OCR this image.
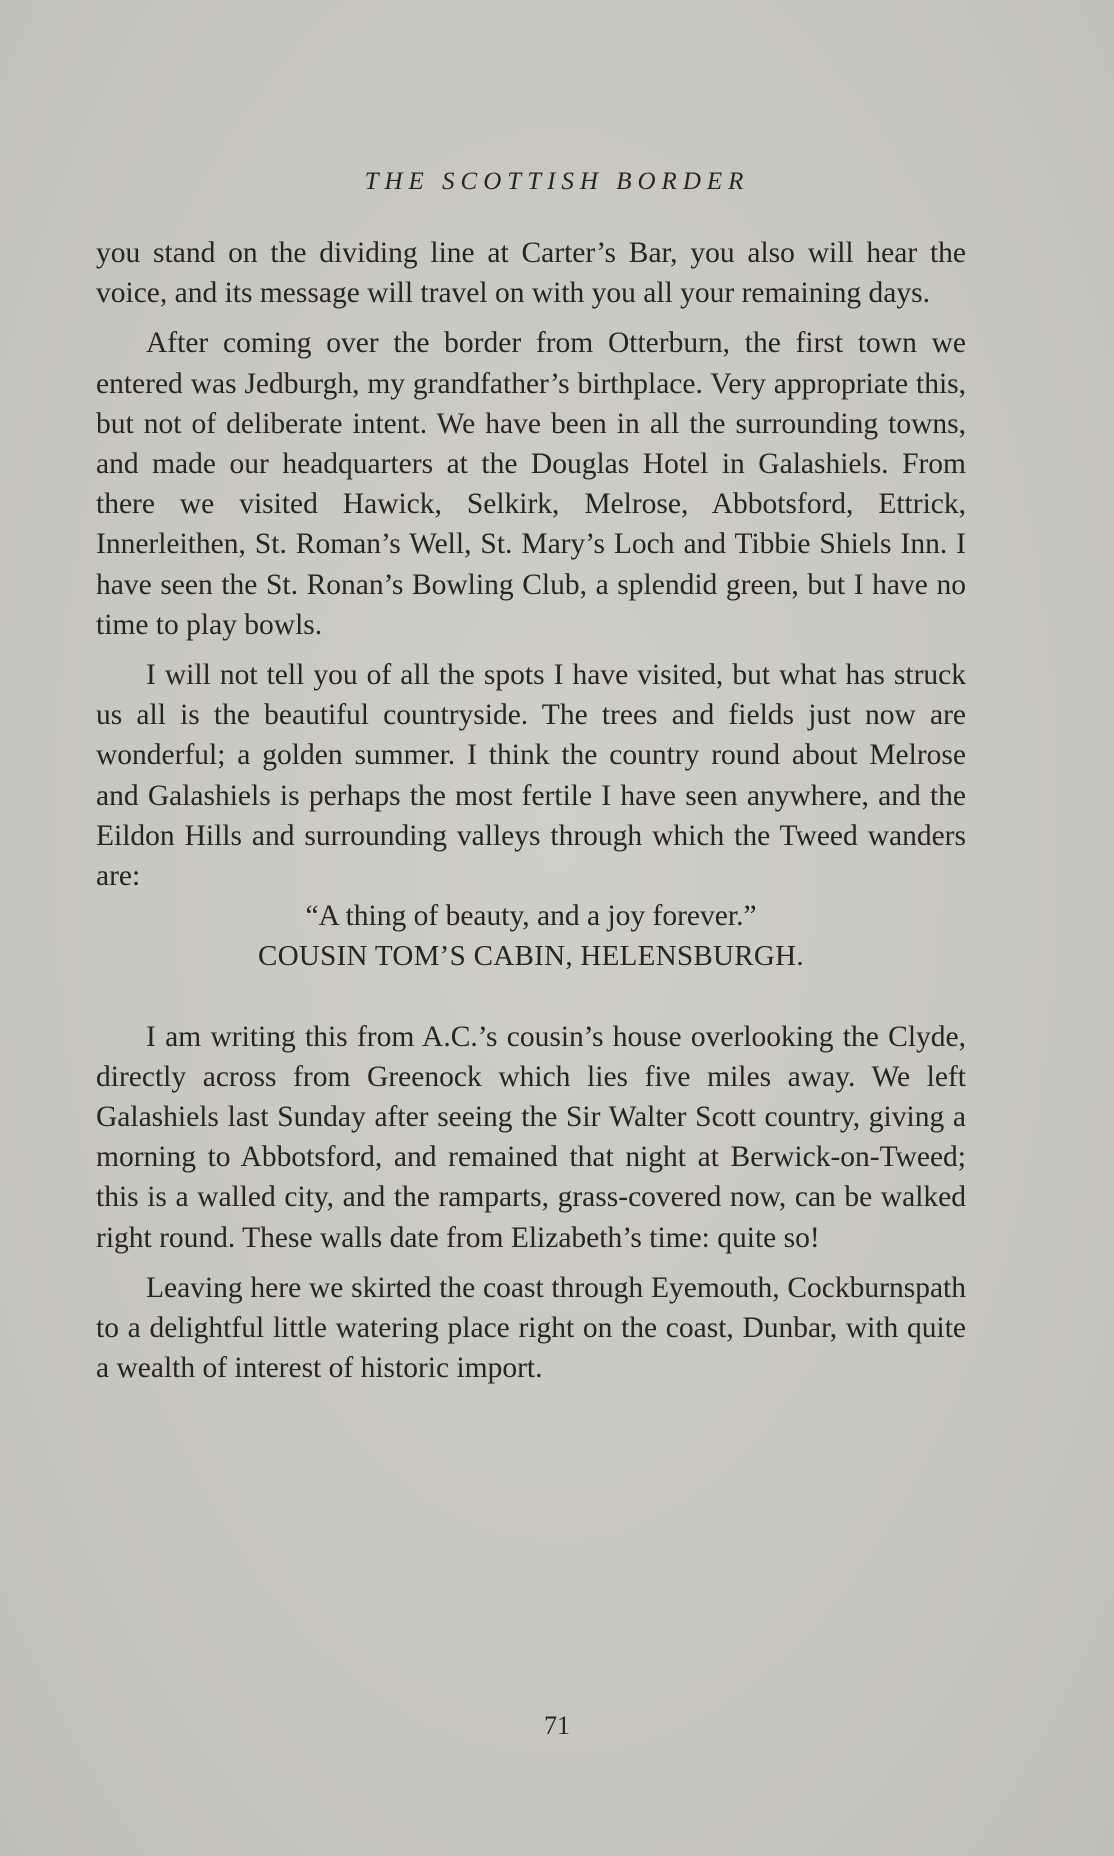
THE SCOTTISH BORDER

you stand on the dividing line at Carter’s Bar, you also will hear the voice, and its message will travel on with you all your remaining days.

After coming over the border from Otterburn, the first town we entered was Jedburgh, my grandfather’s birthplace. Very appropriate this, but not of deliberate intent. We have been in all the surrounding towns, and made our headquarters at the Douglas Hotel in Galashiels. From there we visited Hawick, Selkirk, Melrose, Abbotsford, Ettrick, Innerleithen, St. Roman’s Well, St. Mary’s Loch and Tibbie Shiels Inn. I have seen the St. Ronan’s Bowling Club, a splendid green, but I have no time to play bowls.

I will not tell you of all the spots I have visited, but what has struck us all is the beautiful countryside. The trees and fields just now are wonderful; a golden summer. I think the country round about Melrose and Galashiels is perhaps the most fertile I have seen anywhere, and the Eildon Hills and surrounding valleys through which the Tweed wanders are:

“A thing of beauty, and a joy forever.”

COUSIN TOM’S CABIN, HELENSBURGH.

I am writing this from A.C.’s cousin’s house overlooking the Clyde, directly across from Greenock which lies five miles away. We left Galashiels last Sunday after seeing the Sir Walter Scott country, giving a morning to Abbotsford, and remained that night at Berwick-on-Tweed; this is a walled city, and the ramparts, grass-covered now, can be walked right round. These walls date from Elizabeth’s time: quite so!

Leaving here we skirted the coast through Eyemouth, Cockburnspath to a delightful little watering place right on the coast, Dunbar, with quite a wealth of interest of historic import.

71
